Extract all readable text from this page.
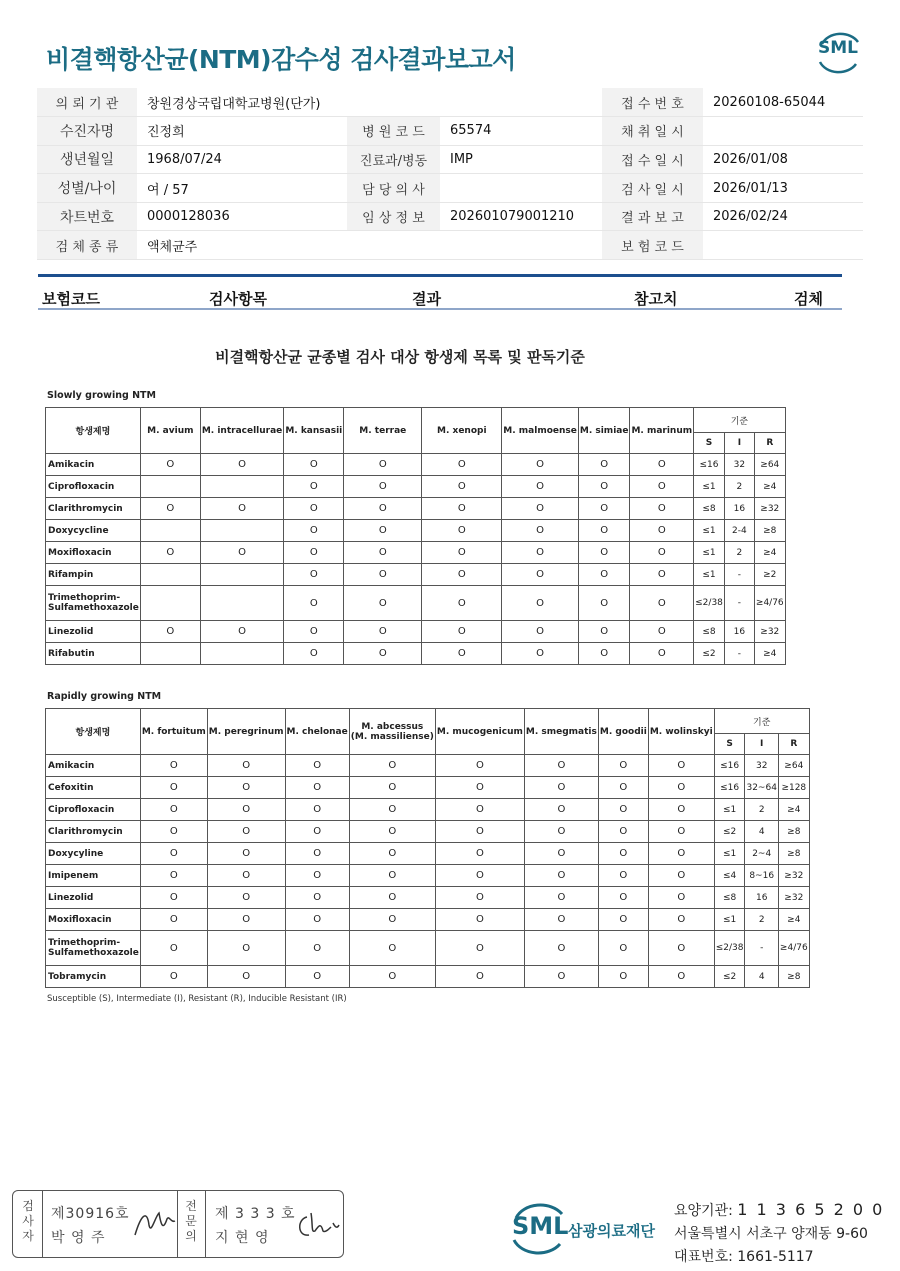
비결핵항산균(NTM)감수성 검사결과보고서	SML
의 뢰 기 관	창원경상국립대학교병원(단가)			접 수 번 호	20260108-65044
수진자명	진정희	병 원 코 드	65574	채 취 일 시	
생년월일	1968/07/24	진료과/병동	IMP	접 수 일 시	2026/01/08
성별/나이	여 / 57	담 당 의 사		검 사 일 시	2026/01/13
차트번호	0000128036	임 상 정 보	202601079001210	결 과 보 고	2026/02/24
검 체 종 류	액체균주			보 험 코 드	
보험코드	검사항목	결과	참고치	검체
비결핵항산균 균종별 검사 대상 항생제 목록 및 판독기준
Slowly growing NTM
항생제명	M. avium	M. intracellurae	M. kansasii	M. terrae	M. xenopi	M. malmoense	M. simiae	M. marinum	기준		
									S	I	R
Amikacin	O	O	O	O	O	O	O	O	≤16	32	≥64
Ciprofloxacin			O	O	O	O	O	O	≤1	2	≥4
Clarithromycin	O	O	O	O	O	O	O	O	≤8	16	≥32
Doxycycline			O	O	O	O	O	O	≤1	2-4	≥8
Moxifloxacin	O	O	O	O	O	O	O	O	≤1	2	≥4
Rifampin			O	O	O	O	O	O	≤1	-	≥2
Trimethoprim-
Sulfamethoxazole			O	O	O	O	O	O	≤2/38	-	≥4/76
Linezolid	O	O	O	O	O	O	O	O	≤8	16	≥32
Rifabutin			O	O	O	O	O	O	≤2	-	≥4
Rapidly growing NTM
항생제명	M. fortuitum	M. peregrinum	M. chelonae	M. abcessus
(M. massiliense)	M. mucogenicum	M. smegmatis	M. goodii	M. wolinskyi	기준		
									S	I	R
Amikacin	O	O	O	O	O	O	O	O	≤16	32	≥64
Cefoxitin	O	O	O	O	O	O	O	O	≤16	32~64	≥128
Ciprofloxacin	O	O	O	O	O	O	O	O	≤1	2	≥4
Clarithromycin	O	O	O	O	O	O	O	O	≤2	4	≥8
Doxycyline	O	O	O	O	O	O	O	O	≤1	2~4	≥8
Imipenem	O	O	O	O	O	O	O	O	≤4	8~16	≥32
Linezolid	O	O	O	O	O	O	O	O	≤8	16	≥32
Moxifloxacin	O	O	O	O	O	O	O	O	≤1	2	≥4
Trimethoprim-
Sulfamethoxazole	O	O	O	O	O	O	O	O	≤2/38	-	≥4/76
Tobramycin	O	O	O	O	O	O	O	O	≤2	4	≥8
Susceptible (S), Intermediate (I), Resistant (R), Inducible Resistant (IR)
검
사
자
제30916호
박 영 주
전
문
의
제 3 3 3 호
지 현 영	SML 삼광의료재단
요양기관: 1 1 3 6 5 2 0 0
서울특별시 서초구 양재동 9-60
대표번호: 1661-5117
